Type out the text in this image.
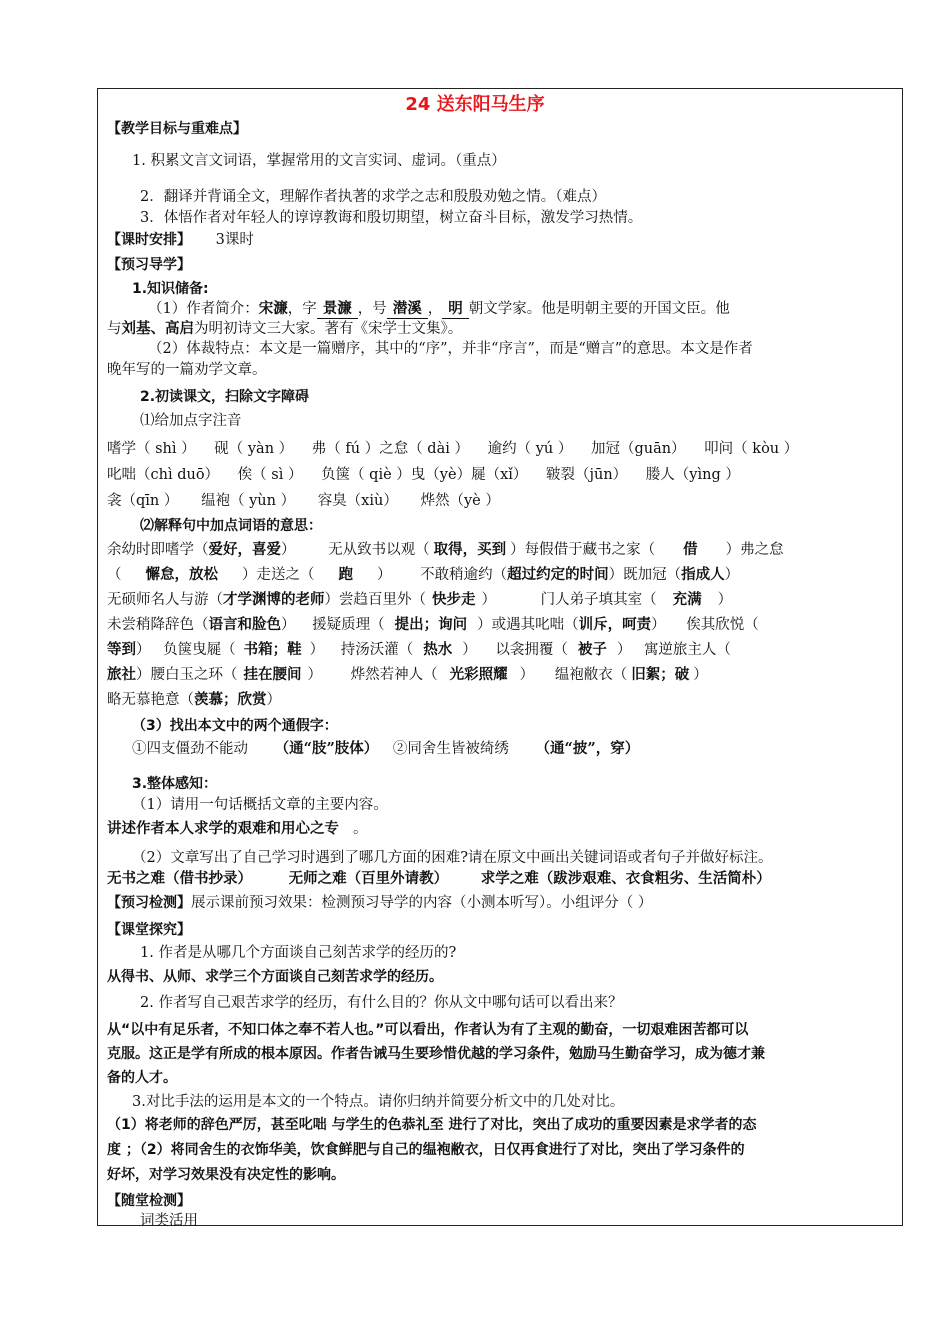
24 送东阳马生序
【教学目标与重难点】
1. 积累文言文词语，掌握常用的文言实词、虚词。（重点）
2．翻译并背诵全文，理解作者执著的求学之志和殷殷劝勉之情。（难点）
3．体悟作者对年轻人的谆谆教诲和殷切期望，树立奋斗目标，激发学习热情。
【课时安排】 3课时
【预习导学】
1.知识储备:
（1）作者简介：宋濂，字 景濂 ，号 潜溪 ， 明 朝文学家。他是明朝主要的开国文臣。他
与刘基、高启为明初诗文三大家。著有《宋学士文集》。
（2）体裁特点：本文是一篇赠序，其中的“序”，并非“序言”，而是“赠言”的意思。本文是作者
晚年写的一篇劝学文章。
2.初读课文，扫除文字障碍
⑴给加点字注音
嗜学（ shì ） 砚（ yàn ） 弗（ fú ）之怠（ dài ） 逾约（ yú ） 加冠（guān） 叩问（ kòu ）
叱咄（chì duō） 俟（ sì ） 负箧（ qiè ）曳（yè）屣（xǐ） 皲裂（jūn） 媵人（yìng ）
衾（qīn ） 缊袍（ yùn ） 容臭（xiù） 烨然（yè ）
⑵解释句中加点词语的意思：
余幼时即嗜学（爱好，喜爱） 无从致书以观（ 取得，买到 ）每假借于藏书之家（ 借 ）弗之怠
（ 懈怠，放松 ）走送之（ 跑 ） 不敢稍逾约（超过约定的时间）既加冠（指成人）
无硕师名人与游（才学渊博的老师）尝趋百里外（ 快步走 ）	门人弟子填其室（ 充满 ）
未尝稍降辞色（语言和脸色） 援疑质理（ 提出；询问 ）或遇其叱咄（训斥，呵责） 俟其欣悦（
等到） 负箧曳屣（ 书箱；鞋 ） 持汤沃灌（ 热水 ） 以衾拥覆（ 被子 ） 寓逆旅主人（
旅社）腰白玉之环（ 挂在腰间 ） 烨然若神人（ 光彩照耀 ） 缊袍敝衣（ 旧絮；破 ）
略无慕艳意（羡慕；欣赏）
（3）找出本文中的两个通假字：
①四支僵劲不能动 （通“肢”肢体） ②同舍生皆被绮绣 （通“披”，穿）
3.整体感知：
（1）请用一句话概括文章的主要内容。
讲述作者本人求学的艰难和用心之专 。
（2）文章写出了自己学习时遇到了哪几方面的困难?请在原文中画出关键词语或者句子并做好标注。
无书之难（借书抄录）	无师之难（百里外请教） 求学之难（跋涉艰难、衣食粗劣、生活简朴）
【预习检测】展示课前预习效果：检测预习导学的内容（小测本听写）。小组评分（ ）
【课堂探究】
1. 作者是从哪几个方面谈自己刻苦求学的经历的?
从得书、从师、求学三个方面谈自己刻苦求学的经历。
2. 作者写自己艰苦求学的经历，有什么目的？你从文中哪句话可以看出来？
从“以中有足乐者，不知口体之奉不若人也。”可以看出，作者认为有了主观的勤奋，一切艰难困苦都可以
克服。这正是学有所成的根本原因。作者告诫马生要珍惜优越的学习条件，勉励马生勤奋学习，成为德才兼
备的人才。
3.对比手法的运用是本文的一个特点。请你归纳并简要分析文中的几处对比。
（1）将老师的辞色严厉，甚至叱咄 与学生的色恭礼至 进行了对比，突出了成功的重要因素是求学者的态
度 ；（2）将同舍生的衣饰华美，饮食鲜肥与自己的缊袍敝衣，日仅再食进行了对比，突出了学习条件的
好坏，对学习效果没有决定性的影响。
【随堂检测】
词类活用
